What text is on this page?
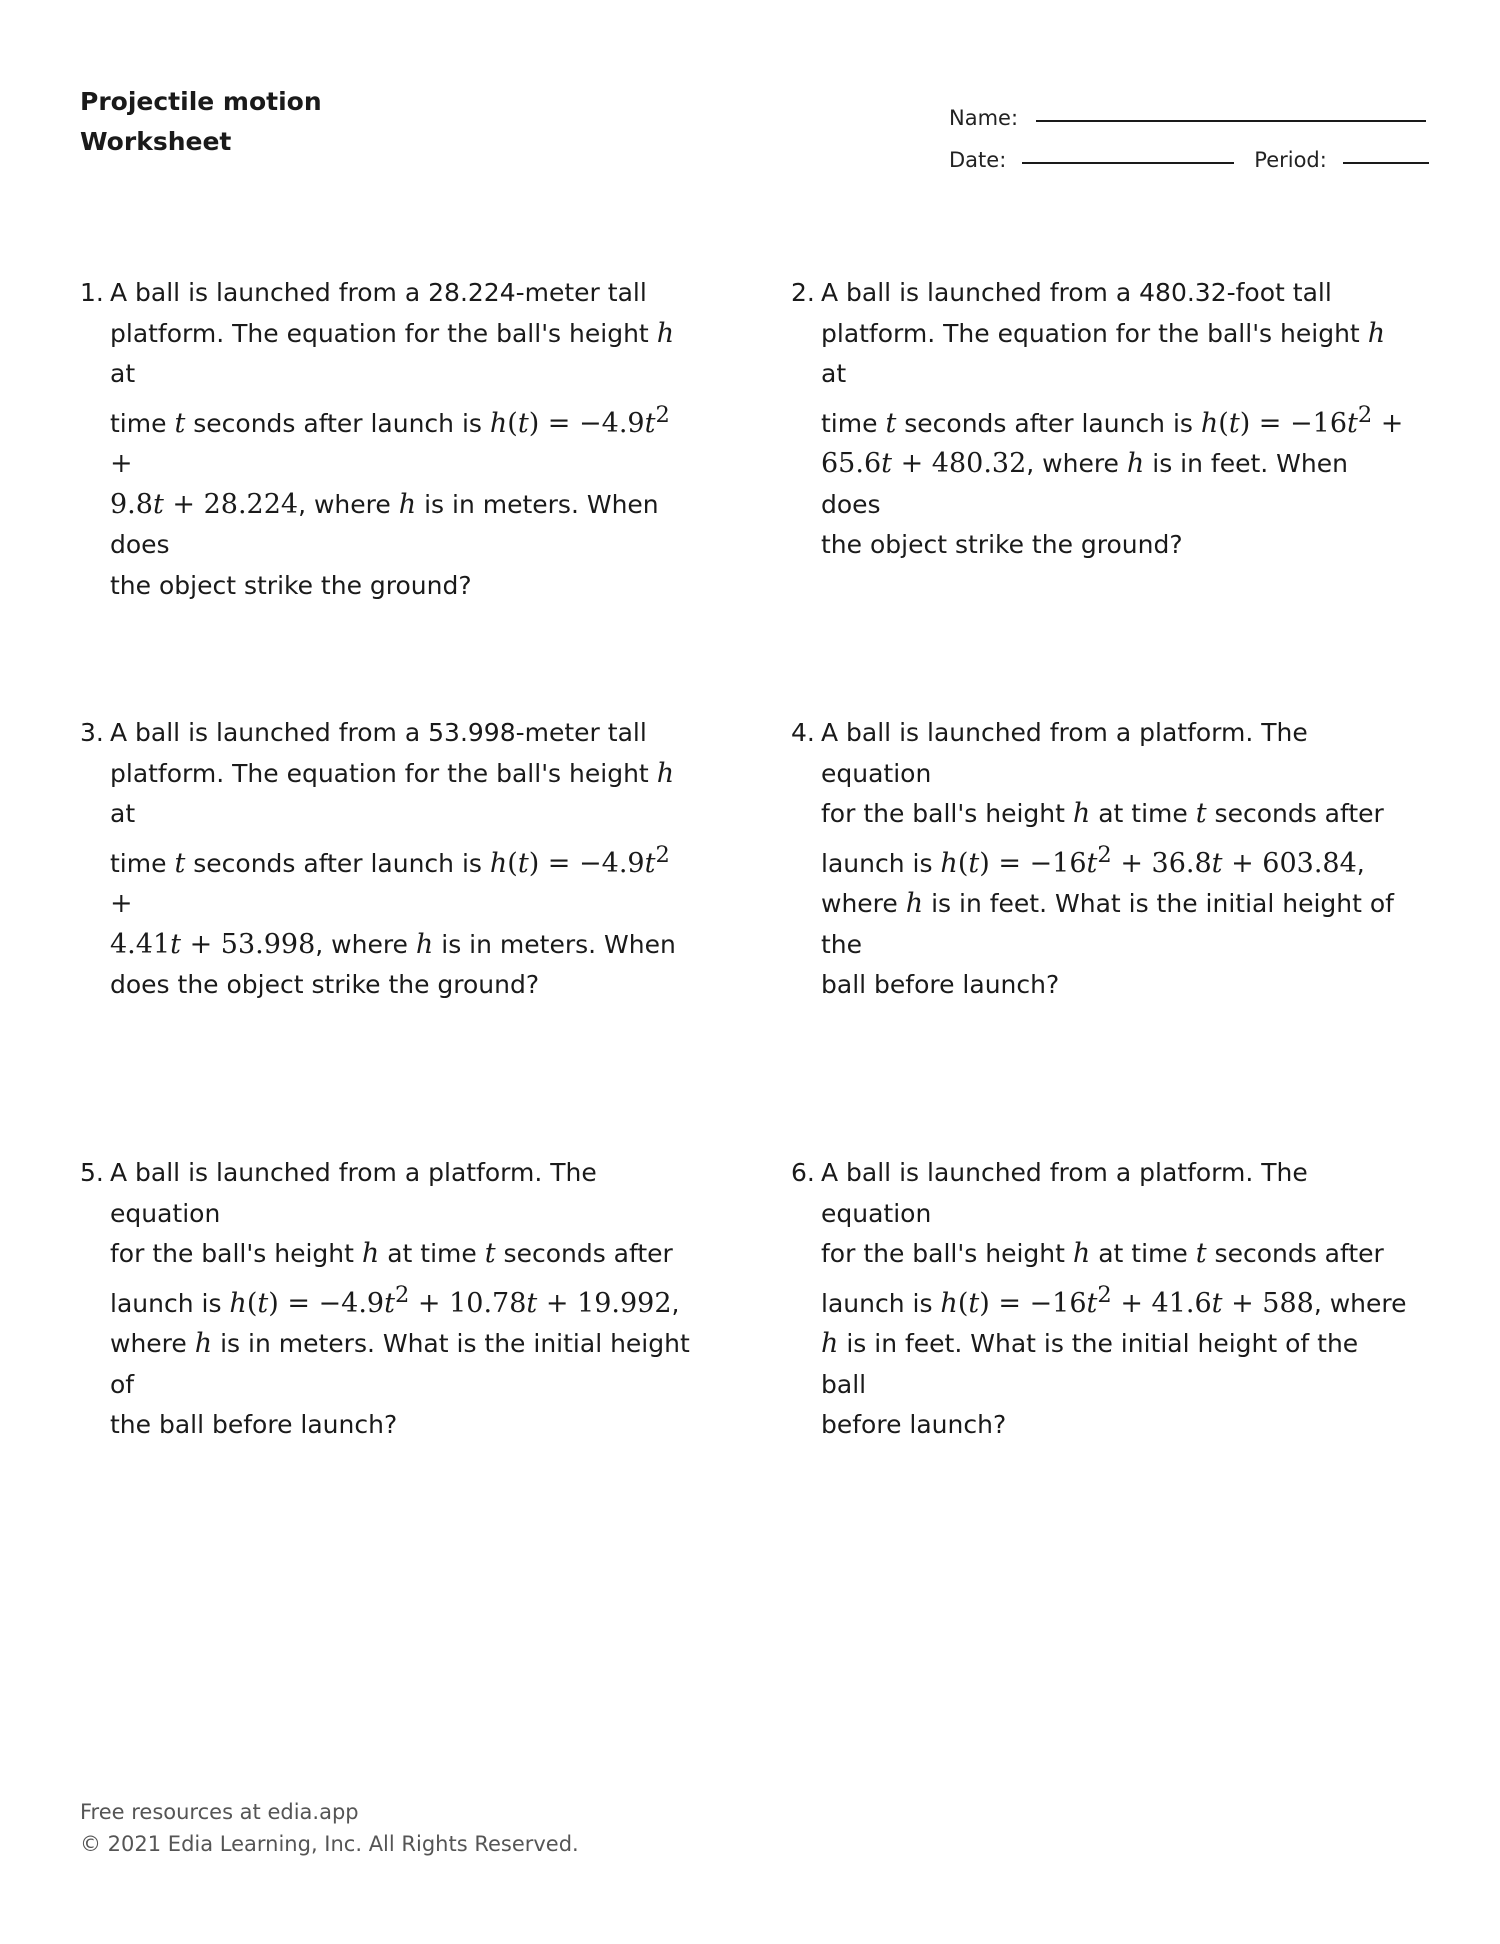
Projectile motion
Worksheet
Name:
Date:	Period:
1. A ball is launched from a 28.224-meter tall
platform. The equation for the ball's height h at
time t seconds after launch is $h(t) = -4.9t^2$ +
9.8t + 28.224, where h is in meters. When does
the object strike the ground?
2. A ball is launched from a 480.32-foot tall
platform. The equation for the ball's height h at
time t seconds after launch is $h(t) = -16t^2$ +
65.6t + 480.32, where h is in feet. When does
the object strike the ground?
3. A ball is launched from a 53.998-meter tall
platform. The equation for the ball's height h at
time t seconds after launch is $h(t) = -4.9t^2$ +
4.41t + 53.998, where h is in meters. When
does the object strike the ground?
4. A ball is launched from a platform. The equation
for the ball's height h at time t seconds after
launch is $h(t) = -16t^2 + 36.8t + 603.84$,
where h is in feet. What is the initial height of the
ball before launch?
5. A ball is launched from a platform. The equation
for the ball's height h at time t seconds after
launch is $h(t) = -4.9t^2 + 10.78t + 19.992$,
where h is in meters. What is the initial height of
the ball before launch?
6. A ball is launched from a platform. The equation
for the ball's height h at time t seconds after
launch is $h(t) = -16t^2 + 41.6t + 588$, where
h is in feet. What is the initial height of the ball
before launch?
Free resources at edia.app
© 2021 Edia Learning, Inc. All Rights Reserved.
